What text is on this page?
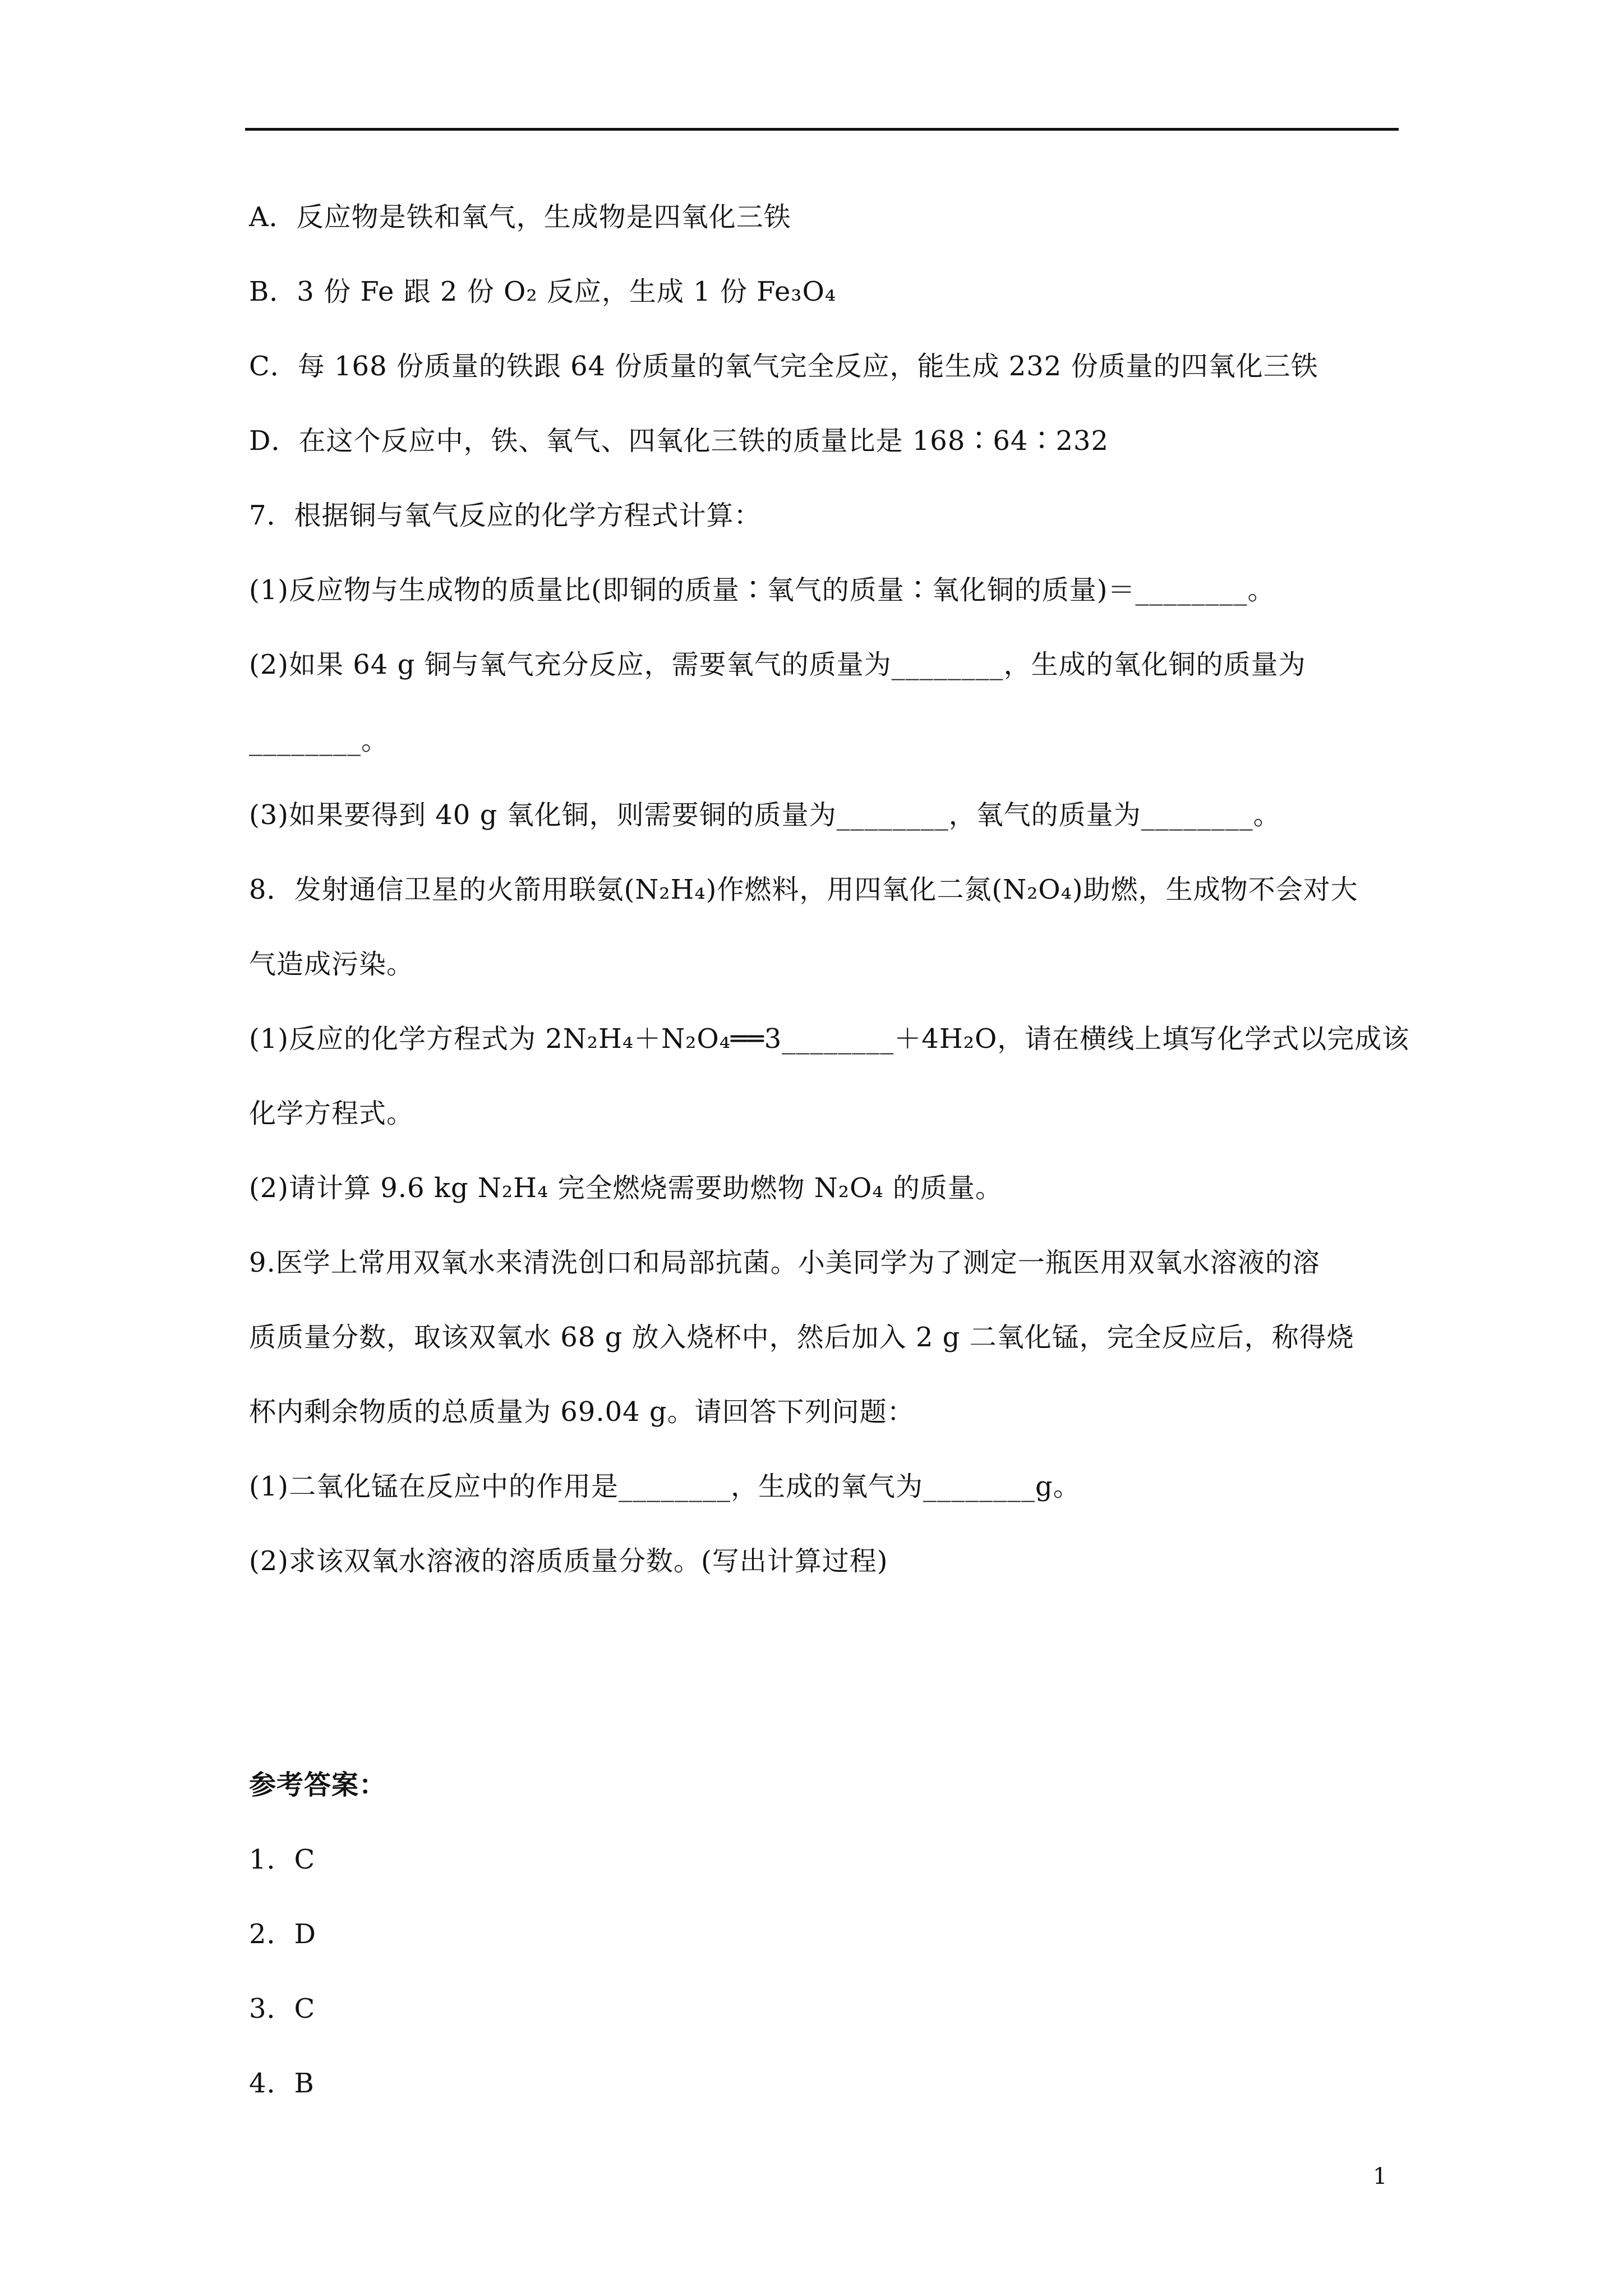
A．反应物是铁和氧气，生成物是四氧化三铁
B．3 份 Fe 跟 2 份 O₂ 反应，生成 1 份 Fe₃O₄
C．每 168 份质量的铁跟 64 份质量的氧气完全反应，能生成 232 份质量的四氧化三铁
D．在这个反应中，铁、氧气、四氧化三铁的质量比是 168∶64∶232
7．根据铜与氧气反应的化学方程式计算：
(1)反应物与生成物的质量比(即铜的质量∶氧气的质量∶氧化铜的质量)＝________。
(2)如果 64 g 铜与氧气充分反应，需要氧气的质量为________，生成的氧化铜的质量为
________。
(3)如果要得到 40 g 氧化铜，则需要铜的质量为________，氧气的质量为________。
8．发射通信卫星的火箭用联氨(N₂H₄)作燃料，用四氧化二氮(N₂O₄)助燃，生成物不会对大
气造成污染。
(1)反应的化学方程式为 2N₂H₄＋N₂O₄══3________＋4H₂O，请在横线上填写化学式以完成该
化学方程式。
(2)请计算 9.6 kg N₂H₄ 完全燃烧需要助燃物 N₂O₄ 的质量。
9.医学上常用双氧水来清洗创口和局部抗菌。小美同学为了测定一瓶医用双氧水溶液的溶
质质量分数，取该双氧水 68 g 放入烧杯中，然后加入 2 g 二氧化锰，完全反应后，称得烧
杯内剩余物质的总质量为 69.04 g。请回答下列问题：
(1)二氧化锰在反应中的作用是________，生成的氧气为________g。
(2)求该双氧水溶液的溶质质量分数。(写出计算过程)
参考答案：
1．C
2．D
3．C
4．B
1
